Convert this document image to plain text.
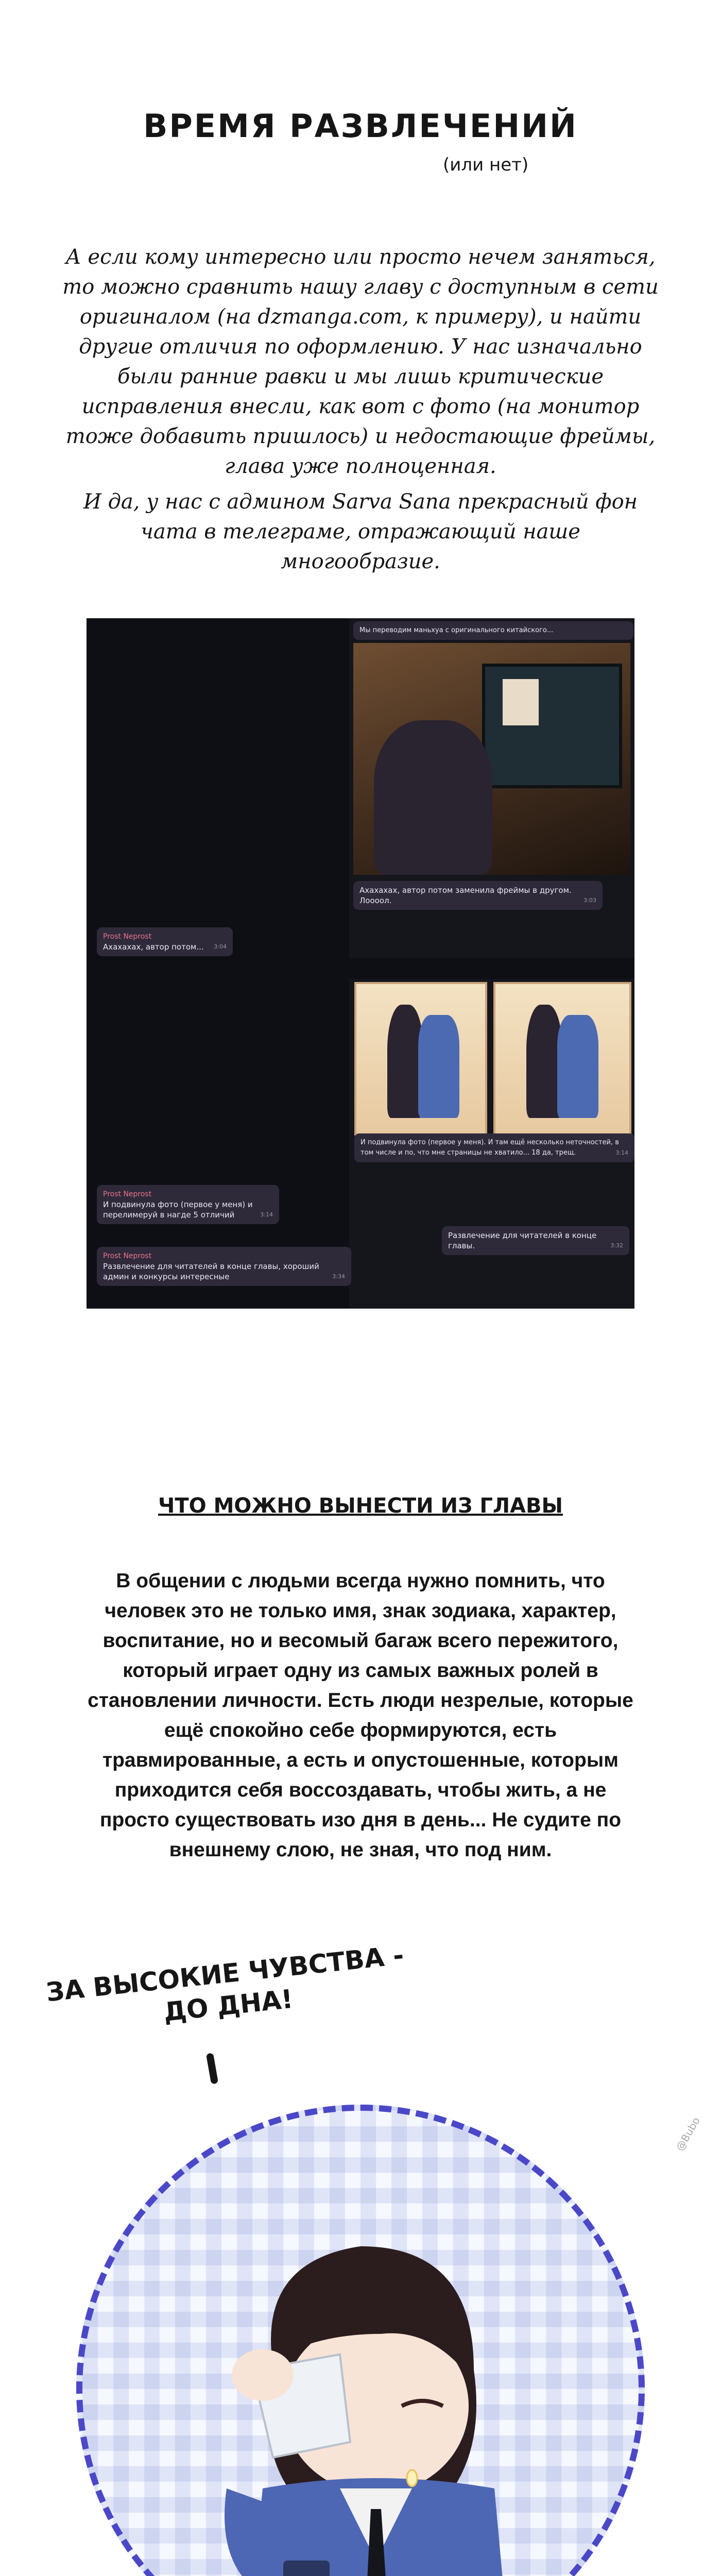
ВРЕМЯ РАЗВЛЕЧЕНИЙ
(или нет)
А если кому интересно или просто нечем заняться, то можно сравнить нашу главу с доступным в сети оригиналом (на dzmanga.com, к примеру), и найти другие отличия по оформлению. У нас изначально были ранние равки и мы лишь критические исправления внесли, как вот с фото (на монитор тоже добавить пришлось) и недостающие фреймы, глава уже полноценная.
И да, у нас с админом Sarva Sana прекрасный фон чата в телеграме, отражающий наше многообразие.
Мы переводим маньхуа с оригинального китайского...
Ахахахах, автор потом заменила фреймы в другом. Лоооол.	3:03
Prost Neprost
Ахахахах, автор потом... 3:04
И подвинула фото (первое у меня). И там ещё несколько неточностей, в том числе и по, что мне страницы не хватило... 18 да, трещ.	3:14
Развлечение для читателей в конце главы.	3:32
Prost Neprost
И подвинула фото (первое у меня) и перелимеруй в нагде 5 отличий	3:14
Prost Neprost
Развлечение для читателей в конце главы, хороший админ и конкурсы интересные	3:34
ЧТО МОЖНО ВЫНЕСТИ ИЗ ГЛАВЫ
В общении с людьми всегда нужно помнить, что человек это не только имя, знак зодиака, характер, воспитание, но и весомый багаж всего пережитого, который играет одну из самых важных ролей в становлении личности. Есть люди незрелые, которые ещё спокойно себе формируются, есть травмированные, а есть и опустошенные, которым приходится себя воссоздавать, чтобы жить, а не просто существовать изо дня в день... Не судите по внешнему слою, не зная, что под ним.
ЗА ВЫСОКИЕ ЧУВСТВА - ДО ДНА!
@Bubo
